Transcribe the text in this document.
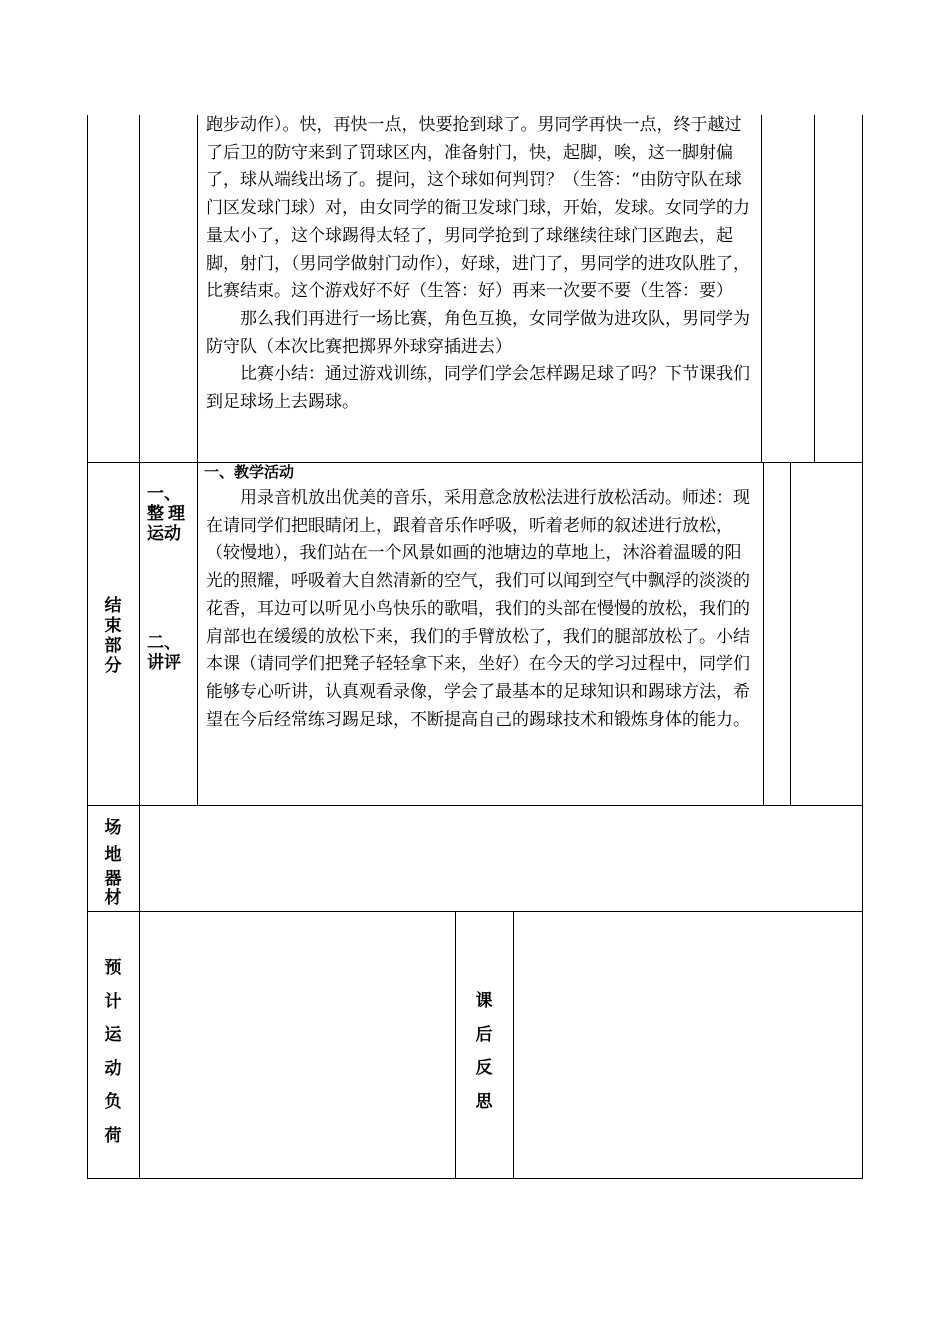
跑步动作）。快，再快一点，快要抢到球了。男同学再快一点，终于越过了后卫的防守来到了罚球区内，准备射门，快，起脚，唉，这一脚射偏了，球从端线出场了。提问，这个球如何判罚？（生答：“由防守队在球门区发球门球）对，由女同学的衙卫发球门球，开始，发球。女同学的力量太小了，这个球踢得太轻了，男同学抢到了球继续往球门区跑去，起脚，射门，（男同学做射门动作），好球，进门了，男同学的进攻队胜了，比赛结束。这个游戏好不好（生答：好）再来一次要不要（生答：要）

那么我们再进行一场比赛，角色互换，女同学做为进攻队，男同学为防守队（本次比赛把掷界外球穿插进去）

比赛小结：通过游戏训练，同学们学会怎样踢足球了吗？下节课我们到足球场上去踢球。

结
束
部
分
一、
整理
运动
二、
讲评
一、教学活动

用录音机放出优美的音乐，采用意念放松法进行放松活动。师述：现在请同学们把眼睛闭上，跟着音乐作呼吸，听着老师的叙述进行放松，（较慢地），我们站在一个风景如画的池塘边的草地上，沐浴着温暖的阳光的照耀，呼吸着大自然清新的空气，我们可以闻到空气中飘浮的淡淡的花香，耳边可以听见小鸟快乐的歌唱，我们的头部在慢慢的放松，我们的肩部也在缓缓的放松下来，我们的手臂放松了，我们的腿部放松了。小结本课（请同学们把凳子轻轻拿下来，坐好）在今天的学习过程中，同学们能够专心听讲，认真观看录像，学会了最基本的足球知识和踢球方法，希望在今后经常练习踢足球，不断提高自己的踢球技术和锻炼身体的能力。

场
地
器
材
预
计
运
动
负
荷
课
后
反
思
